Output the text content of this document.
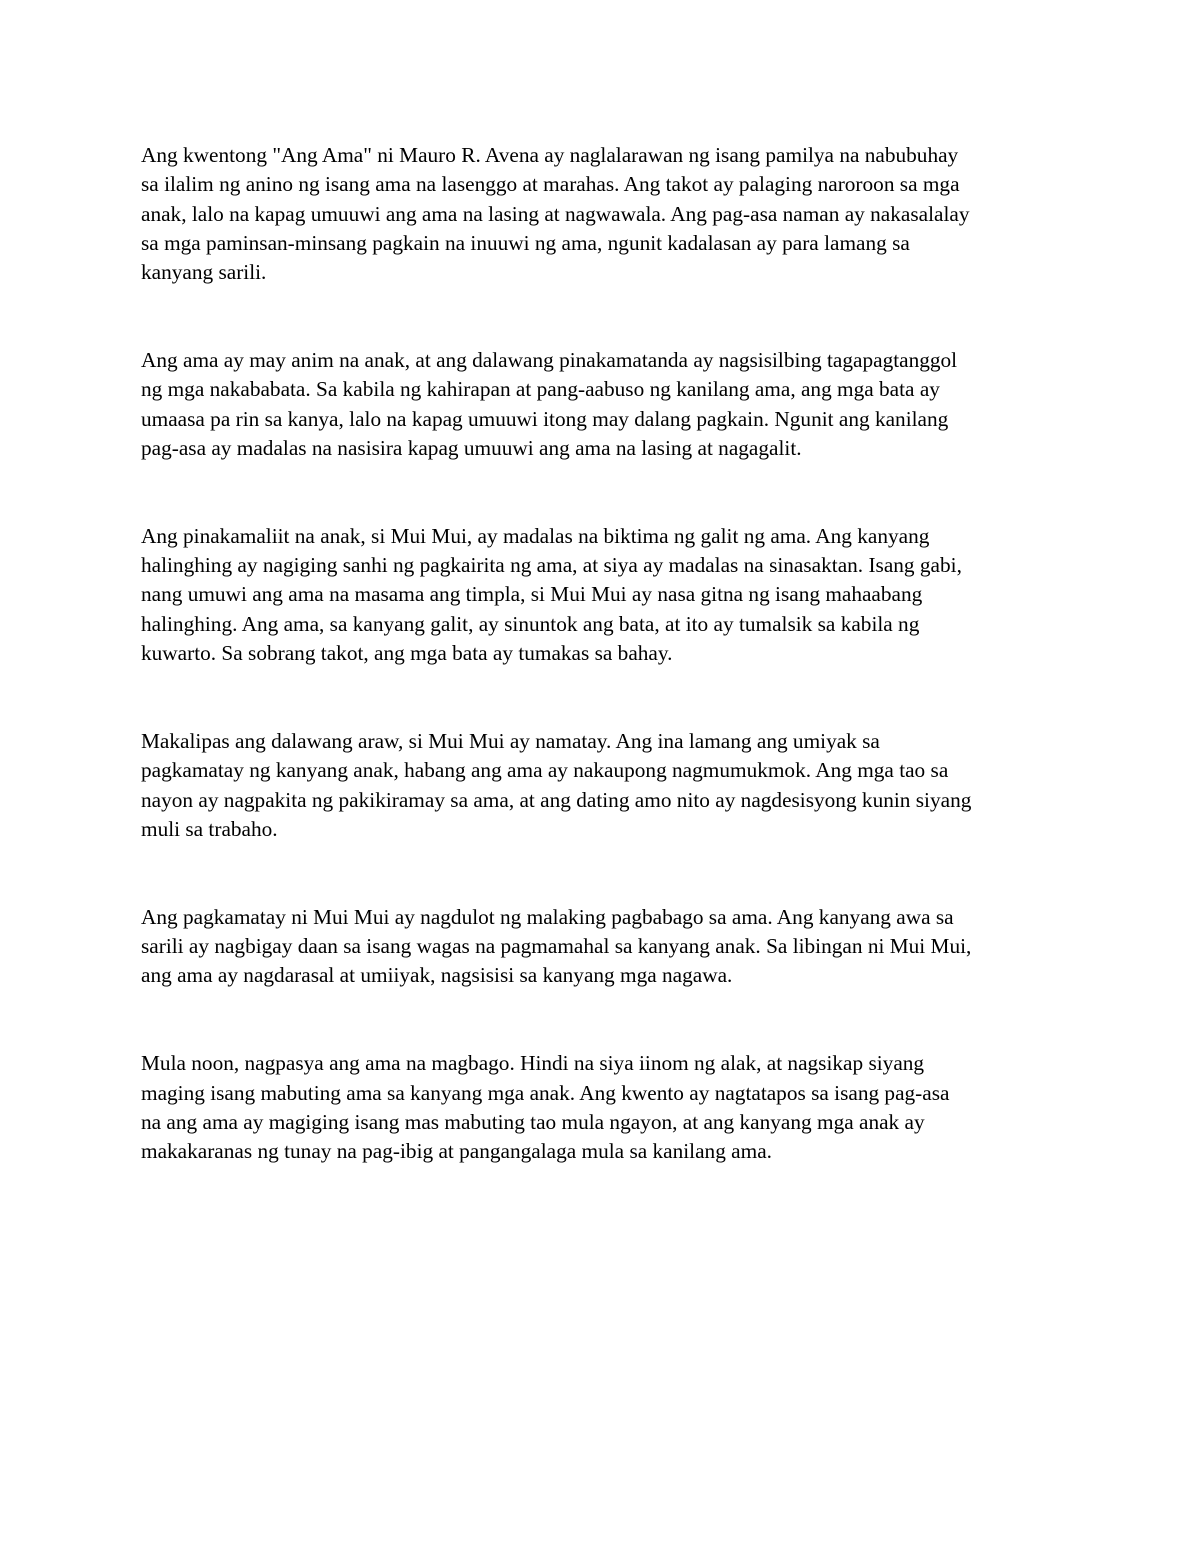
Ang kwentong "Ang Ama" ni Mauro R. Avena ay naglalarawan ng isang pamilya na nabubuhay
sa ilalim ng anino ng isang ama na lasenggo at marahas. Ang takot ay palaging naroroon sa mga
anak, lalo na kapag umuuwi ang ama na lasing at nagwawala. Ang pag-asa naman ay nakasalalay
sa mga paminsan-minsang pagkain na inuuwi ng ama, ngunit kadalasan ay para lamang sa
kanyang sarili.

Ang ama ay may anim na anak, at ang dalawang pinakamatanda ay nagsisilbing tagapagtanggol
ng mga nakababata. Sa kabila ng kahirapan at pang-aabuso ng kanilang ama, ang mga bata ay
umaasa pa rin sa kanya, lalo na kapag umuuwi itong may dalang pagkain. Ngunit ang kanilang
pag-asa ay madalas na nasisira kapag umuuwi ang ama na lasing at nagagalit.

Ang pinakamaliit na anak, si Mui Mui, ay madalas na biktima ng galit ng ama. Ang kanyang
halinghing ay nagiging sanhi ng pagkairita ng ama, at siya ay madalas na sinasaktan. Isang gabi,
nang umuwi ang ama na masama ang timpla, si Mui Mui ay nasa gitna ng isang mahaabang
halinghing. Ang ama, sa kanyang galit, ay sinuntok ang bata, at ito ay tumalsik sa kabila ng
kuwarto. Sa sobrang takot, ang mga bata ay tumakas sa bahay.

Makalipas ang dalawang araw, si Mui Mui ay namatay. Ang ina lamang ang umiyak sa
pagkamatay ng kanyang anak, habang ang ama ay nakaupong nagmumukmok. Ang mga tao sa
nayon ay nagpakita ng pakikiramay sa ama, at ang dating amo nito ay nagdesisyong kunin siyang
muli sa trabaho.

Ang pagkamatay ni Mui Mui ay nagdulot ng malaking pagbabago sa ama. Ang kanyang awa sa
sarili ay nagbigay daan sa isang wagas na pagmamahal sa kanyang anak. Sa libingan ni Mui Mui,
ang ama ay nagdarasal at umiiyak, nagsisisi sa kanyang mga nagawa.

Mula noon, nagpasya ang ama na magbago. Hindi na siya iinom ng alak, at nagsikap siyang
maging isang mabuting ama sa kanyang mga anak. Ang kwento ay nagtatapos sa isang pag-asa
na ang ama ay magiging isang mas mabuting tao mula ngayon, at ang kanyang mga anak ay
makakaranas ng tunay na pag-ibig at pangangalaga mula sa kanilang ama.
